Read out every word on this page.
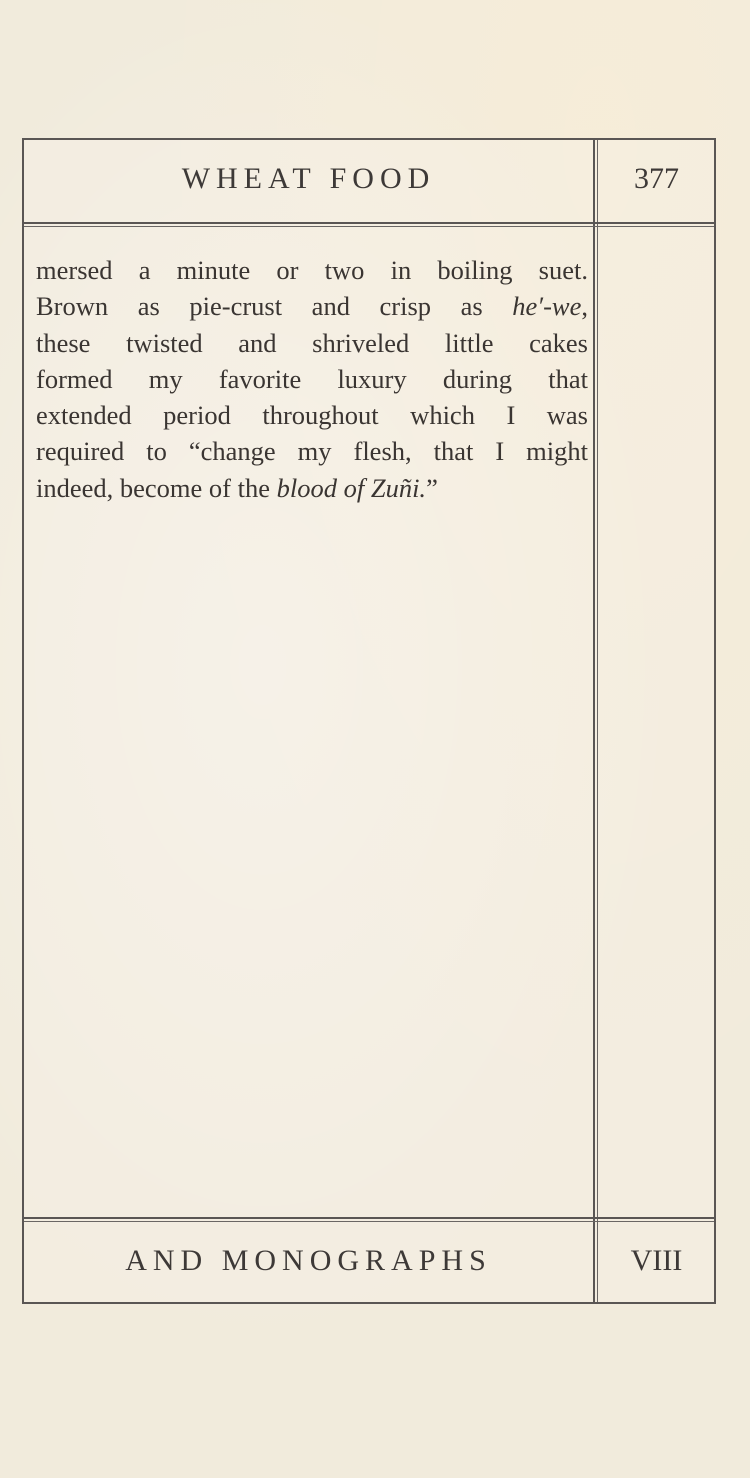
WHEAT FOOD	377
mersed a minute or two in boiling suet.
Brown as pie-crust and crisp as he′-we,
these twisted and shriveled little cakes
formed my favorite luxury during that
extended period throughout which I was
required to “change my flesh, that I might
indeed, become of the blood of Zuñi.”
AND MONOGRAPHS	VIII
